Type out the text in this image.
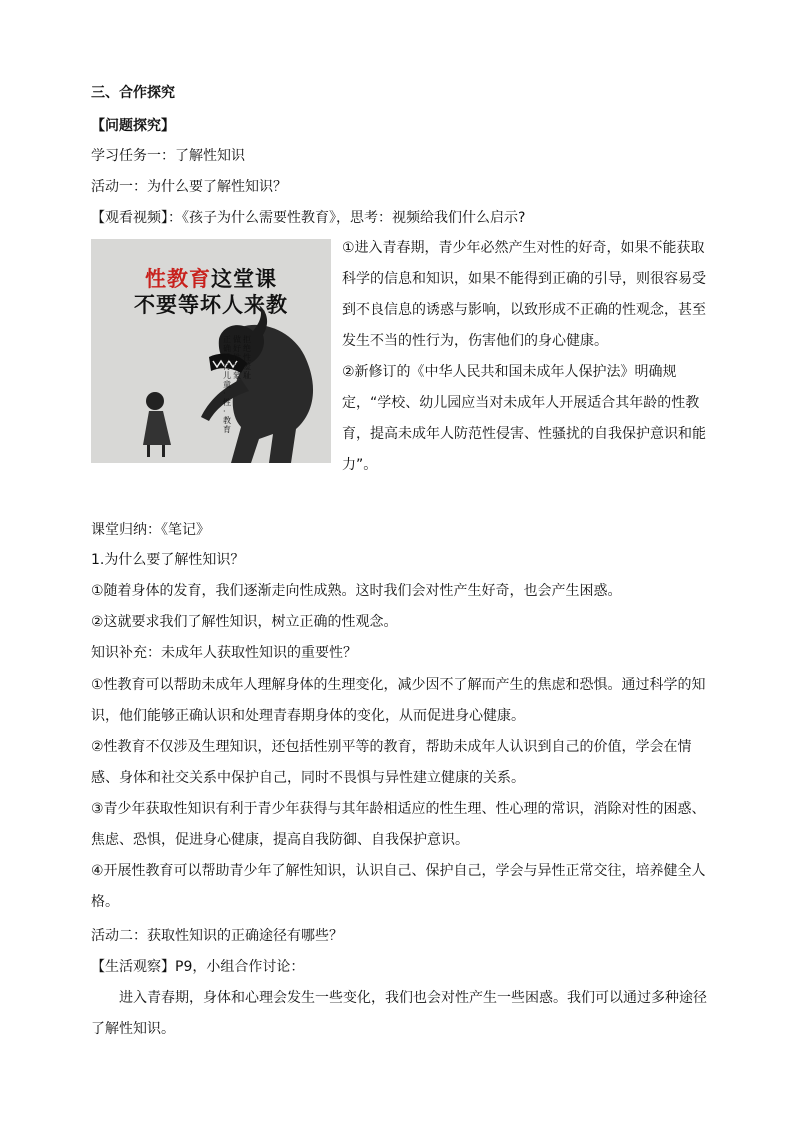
三、合作探究
【问题探究】
学习任务一：了解性知识
活动一：为什么要了解性知识？
【观看视频】：《孩子为什么需要性教育》，思考：视频给我们什么启示?
性教育这堂课
不要等坏人来教
拒绝性羞耻
做好性启蒙
正确看待儿童·性·教育
①进入青春期，青少年必然产生对性的好奇，如果不能获取科学的信息和知识，如果不能得到正确的引导，则很容易受到不良信息的诱惑与影响，以致形成不正确的性观念，甚至发生不当的性行为，伤害他们的身心健康。
②新修订的《中华人民共和国未成年人保护法》明确规定，“学校、幼儿园应当对未成年人开展适合其年龄的性教育，提高未成年人防范性侵害、性骚扰的自我保护意识和能力”。
课堂归纳：《笔记》
1.为什么要了解性知识？
①随着身体的发育，我们逐渐走向性成熟。这时我们会对性产生好奇，也会产生困惑。
②这就要求我们了解性知识，树立正确的性观念。
知识补充：未成年人获取性知识的重要性？
①性教育可以帮助未成年人理解身体的生理变化，减少因不了解而产生的焦虑和恐惧。通过科学的知识，他们能够正确认识和处理青春期身体的变化，从而促进身心健康。
②性教育不仅涉及生理知识，还包括性别平等的教育，帮助未成年人认识到自己的价值，学会在情感、身体和社交关系中保护自己，同时不畏惧与异性建立健康的关系。
③青少年获取性知识有利于青少年获得与其年龄相适应的性生理、性心理的常识，消除对性的困惑、焦虑、恐惧，促进身心健康，提高自我防御、自我保护意识。
④开展性教育可以帮助青少年了解性知识，认识自己、保护自己，学会与异性正常交往，培养健全人格。
活动二：获取性知识的正确途径有哪些？
【生活观察】P9，小组合作讨论：
进入青春期，身体和心理会发生一些变化，我们也会对性产生一些困惑。我们可以通过多种途径了解性知识。
